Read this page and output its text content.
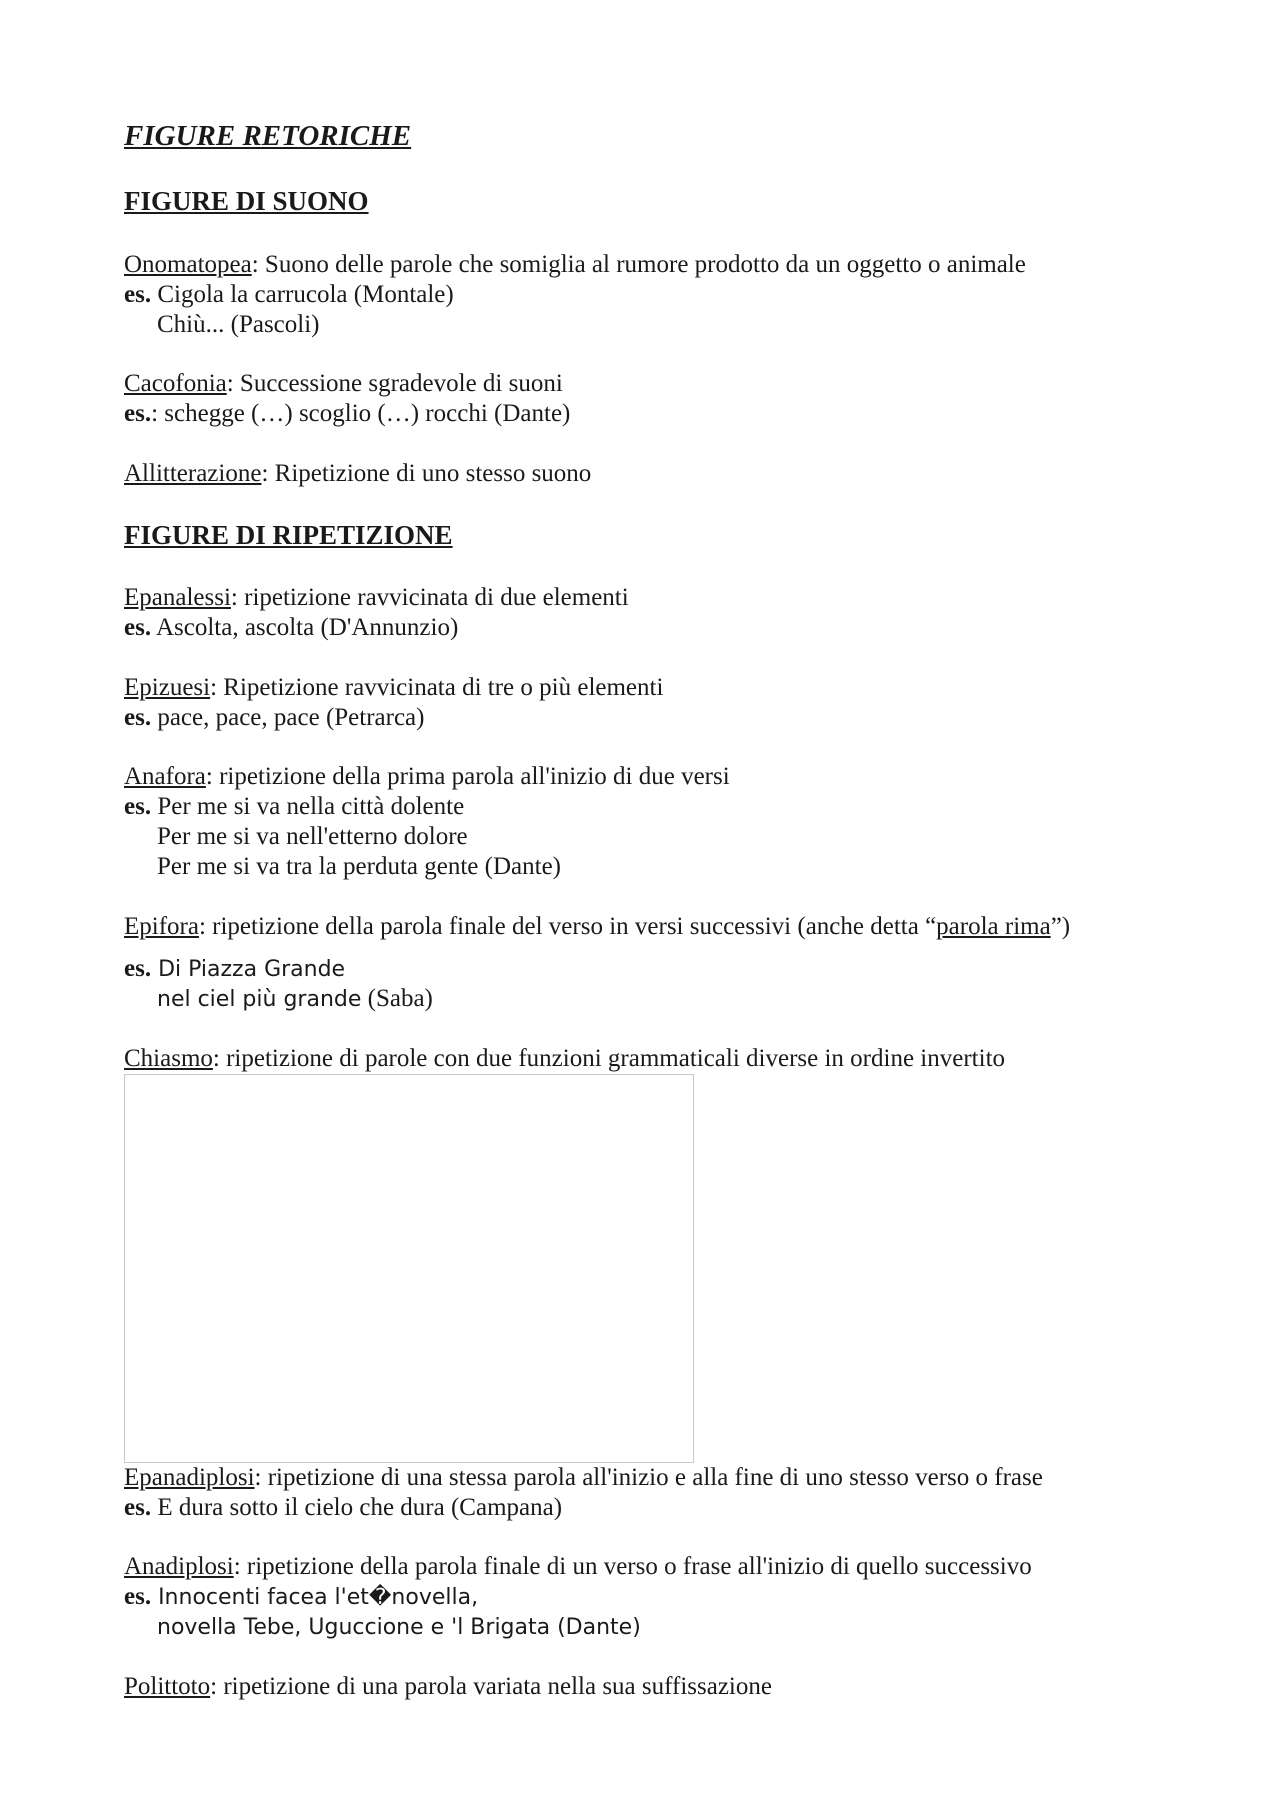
FIGURE RETORICHE
FIGURE DI SUONO
Onomatopea: Suono delle parole che somiglia al rumore prodotto da un oggetto o animale
es. Cigola la carrucola (Montale)
Chiù... (Pascoli)
Cacofonia: Successione sgradevole di suoni
es.: schegge (…) scoglio (…) rocchi (Dante)
Allitterazione: Ripetizione di uno stesso suono
FIGURE DI RIPETIZIONE
Epanalessi: ripetizione ravvicinata di due elementi
es. Ascolta, ascolta (D'Annunzio)
Epizuesi: Ripetizione ravvicinata di tre o più elementi
es. pace, pace, pace (Petrarca)
Anafora: ripetizione della prima parola all'inizio di due versi
es. Per me si va nella città dolente
Per me si va nell'etterno dolore
Per me si va tra la perduta gente (Dante)
Epifora: ripetizione della parola finale del verso in versi successivi (anche detta “parola rima”)
es. Di Piazza Grande
nel ciel più grande (Saba)
Chiasmo: ripetizione di parole con due funzioni grammaticali diverse in ordine invertito
Epanadiplosi: ripetizione di una stessa parola all'inizio e alla fine di uno stesso verso o frase
es. E dura sotto il cielo che dura (Campana)
Anadiplosi: ripetizione della parola finale di un verso o frase all'inizio di quello successivo
es. Innocenti facea l'et�novella,
novella Tebe, Uguccione e 'l Brigata (Dante)
Polittoto: ripetizione di una parola variata nella sua suffissazione
